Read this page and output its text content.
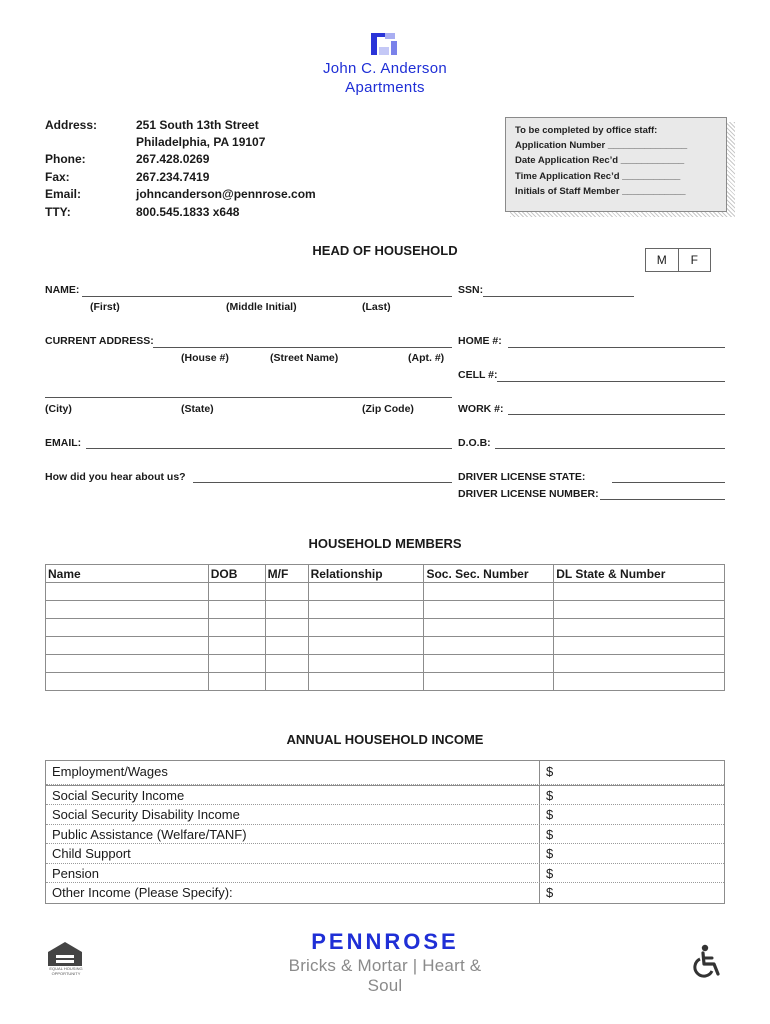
John C. Anderson
Apartments
Address:	251 South 13th Street
Philadelphia, PA 19107
Phone:	267.428.0269
Fax:	267.234.7419
Email:	johncanderson@pennrose.com
TTY:	800.545.1833 x648
To be completed by office staff:
Application Number _______________
Date Application Rec’d ____________
Time Application Rec’d ___________
Initials of Staff Member ____________
HEAD OF HOUSEHOLD
M	F
NAME:	SSN:
(First)	(Middle Initial)	(Last)
CURRENT ADDRESS:	HOME #:
(House #)	(Street Name)	(Apt. #)
CELL #:
(City)	(State)	(Zip Code)	WORK #:
EMAIL:	D.O.B:
How did you hear about us?	DRIVER LICENSE STATE:
DRIVER LICENSE NUMBER:
HOUSEHOLD MEMBERS
Name	DOB	M/F	Relationship	Soc. Sec. Number	DL State & Number

ANNUAL HOUSEHOLD INCOME
Employment/Wages	$
Social Security Income	$
Social Security Disability Income	$
Public Assistance (Welfare/TANF)	$
Child Support	$
Pension	$
Other Income (Please Specify):	$
EQUAL HOUSING OPPORTUNITY
PENNROSE
Bricks & Mortar | Heart & Soul
